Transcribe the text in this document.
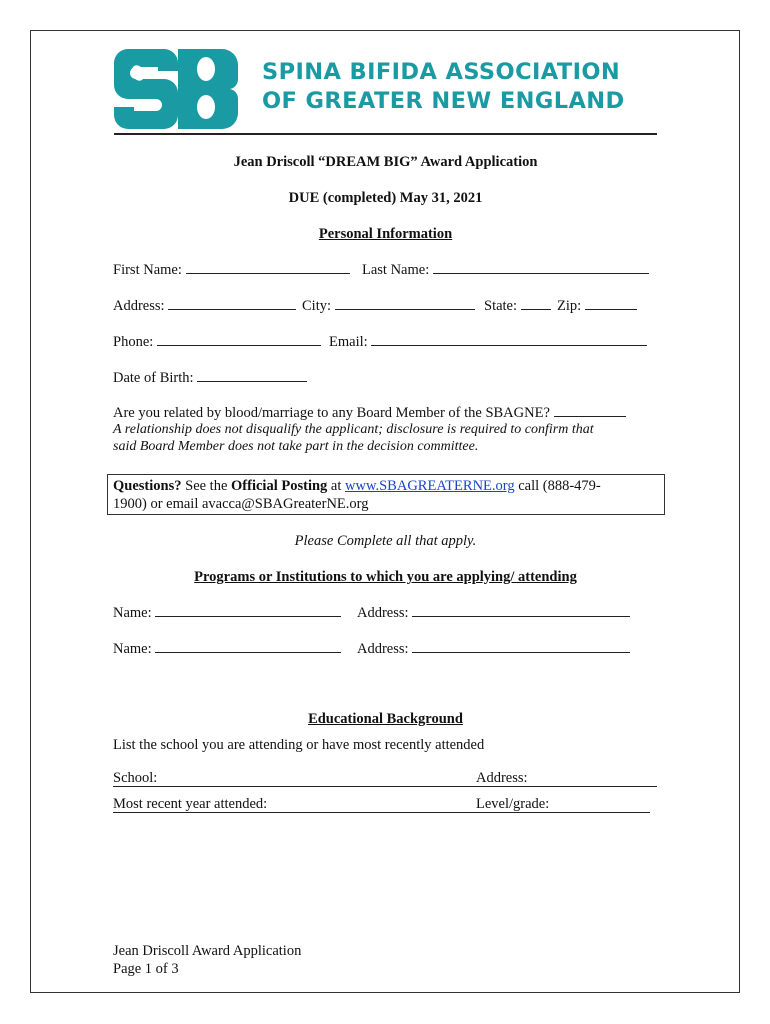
SPINA BIFIDA ASSOCIATION
OF GREATER NEW ENGLAND
Jean Driscoll “DREAM BIG” Award Application
DUE (completed) May 31, 2021
Personal Information
First Name:	Last Name:
Address:	City:	State:	Zip:
Phone:	Email:
Date of Birth:
Are you related by blood/marriage to any Board Member of the SBAGNE?
A relationship does not disqualify the applicant; disclosure is required to confirm that
said Board Member does not take part in the decision committee.
Questions? See the Official Posting at www.SBAGREATERNE.org call (888-479-
1900) or email avacca@SBAGreaterNE.org
Please Complete all that apply.
Programs or Institutions to which you are applying/ attending
Name:	Address:
Name:	Address:
Educational Background
List the school you are attending or have most recently attended
School:	Address:
Most recent year attended:	Level/grade:
Jean Driscoll Award Application
Page 1 of 3
